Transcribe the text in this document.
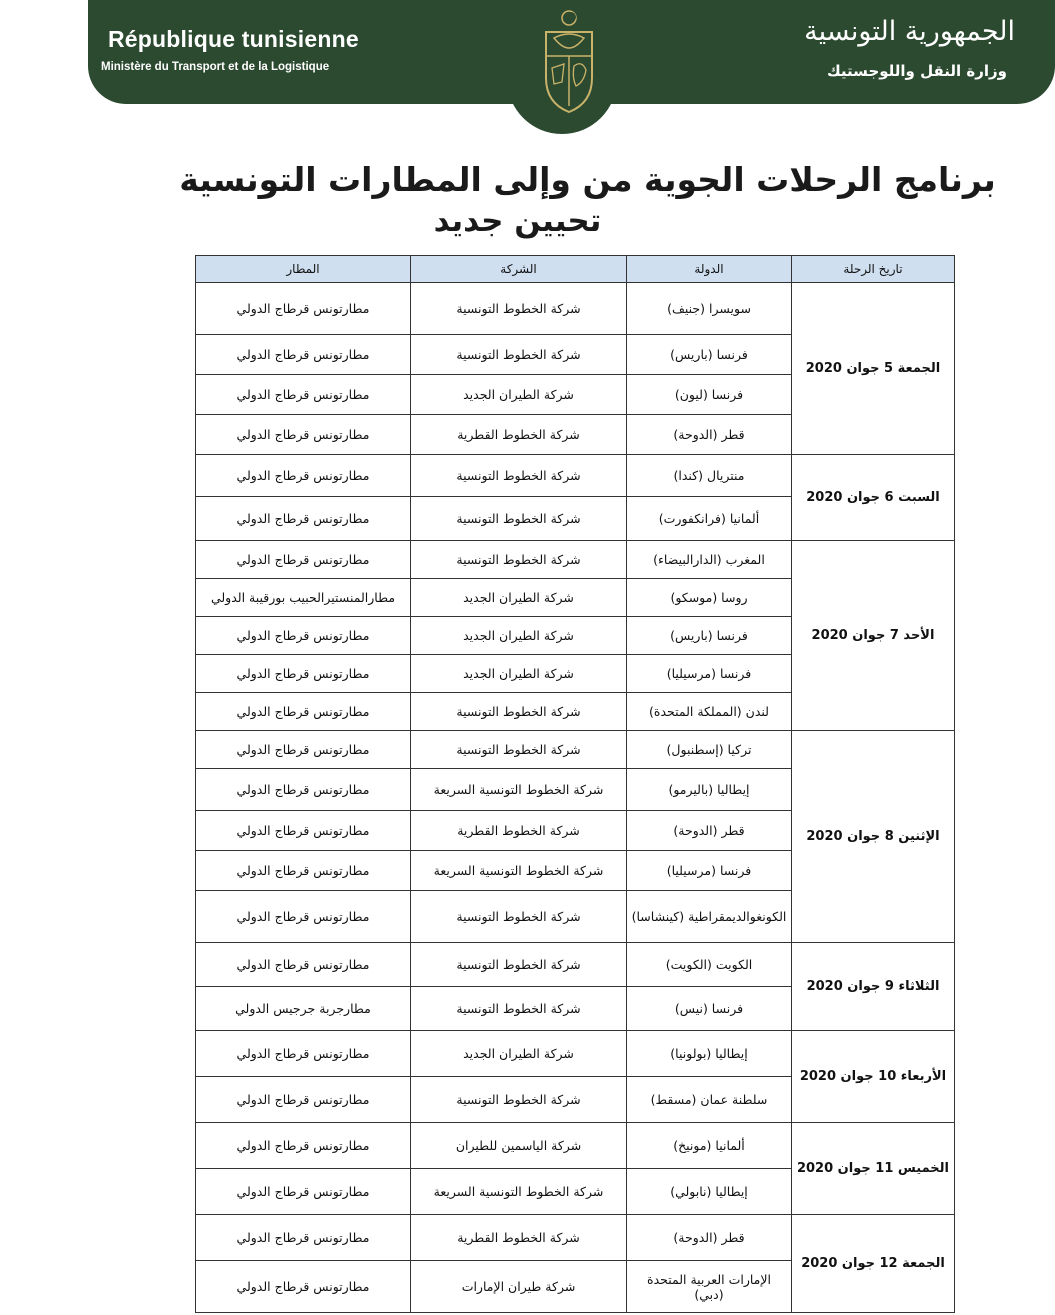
République tunisienne
Ministère du Transport et de la Logistique
الجمهورية التونسية
وزارة النقل واللوجستيك
برنامج الرحلات الجوية من وإلى المطارات التونسية
تحيين جديد
تاريخ الرحلة	الدولة	الشركة	المطار
الجمعة 5 جوان 2020	سويسرا (جنيف)	شركة الخطوط التونسية	مطارتونس قرطاج الدولي
	فرنسا (باريس)	شركة الخطوط التونسية	مطارتونس قرطاج الدولي
	فرنسا (ليون)	شركة الطيران الجديد	مطارتونس قرطاج الدولي
	قطر (الدوحة)	شركة الخطوط القطرية	مطارتونس قرطاج الدولي
السبت 6 جوان 2020	منتريال (كندا)	شركة الخطوط التونسية	مطارتونس قرطاج الدولي
	ألمانيا (فرانكفورت)	شركة الخطوط التونسية	مطارتونس قرطاج الدولي
الأحد 7 جوان 2020	المغرب (الدارالبيضاء)	شركة الخطوط التونسية	مطارتونس قرطاج الدولي
	روسا (موسكو)	شركة الطيران الجديد	مطارالمنستيرالحبيب بورقيبة الدولي
	فرنسا (باريس)	شركة الطيران الجديد	مطارتونس قرطاج الدولي
	فرنسا (مرسيليا)	شركة الطيران الجديد	مطارتونس قرطاج الدولي
	لندن (المملكة المتحدة)	شركة الخطوط التونسية	مطارتونس قرطاج الدولي
الإثنين 8 جوان 2020	تركيا (إسطنبول)	شركة الخطوط التونسية	مطارتونس قرطاج الدولي
	إيطاليا (باليرمو)	شركة الخطوط التونسية السريعة	مطارتونس قرطاج الدولي
	قطر (الدوحة)	شركة الخطوط القطرية	مطارتونس قرطاج الدولي
	فرنسا (مرسيليا)	شركة الخطوط التونسية السريعة	مطارتونس قرطاج الدولي
	الكونغوالديمقراطية (كينشاسا)	شركة الخطوط التونسية	مطارتونس قرطاج الدولي
الثلاثاء 9 جوان 2020	الكويت (الكويت)	شركة الخطوط التونسية	مطارتونس قرطاج الدولي
	فرنسا (نيس)	شركة الخطوط التونسية	مطارجربة جرجيس الدولي
الأربعاء 10 جوان 2020	إيطاليا (بولونيا)	شركة الطيران الجديد	مطارتونس قرطاج الدولي
	سلطنة عمان (مسقط)	شركة الخطوط التونسية	مطارتونس قرطاج الدولي
الخميس 11 جوان 2020	ألمانيا (مونيخ)	شركة الياسمين للطيران	مطارتونس قرطاج الدولي
	إيطاليا (نابولي)	شركة الخطوط التونسية السريعة	مطارتونس قرطاج الدولي
الجمعة 12 جوان 2020	قطر (الدوحة)	شركة الخطوط القطرية	مطارتونس قرطاج الدولي
	الإمارات العربية المتحدة (دبي)	شركة طيران الإمارات	مطارتونس قرطاج الدولي
